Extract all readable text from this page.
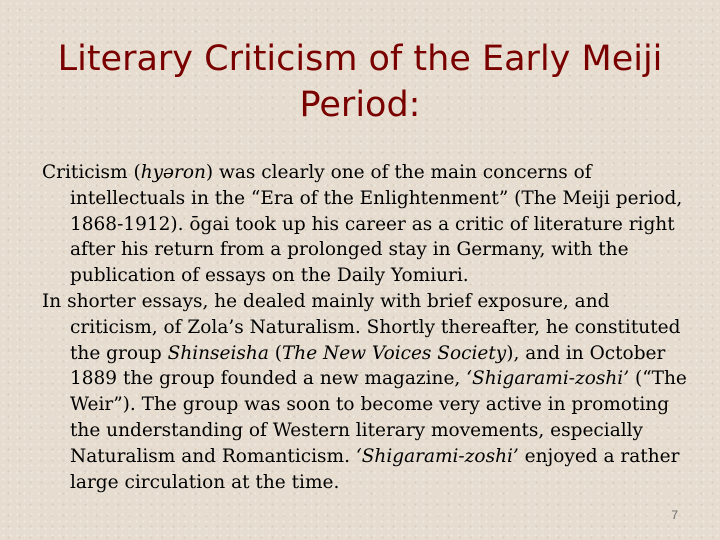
Literary Criticism of the Early Meiji
Period:

Criticism (hyəron) was clearly one of the main concerns of intellectuals in the “Era of the Enlightenment” (The Meiji period, 1868-1912). ōgai took up his career as a critic of literature right after his return from a prolonged stay in Germany, with the publication of essays on the Daily Yomiuri.

In shorter essays, he dealed mainly with brief exposure, and criticism, of Zola’s Naturalism. Shortly thereafter, he constituted the group Shinseisha (The New Voices Society), and in October 1889 the group founded a new magazine, ‘Shigarami-zoshi’ (“The Weir”). The group was soon to become very active in promoting the understanding of Western literary movements, especially Naturalism and Romanticism. ‘Shigarami-zoshi’ enjoyed a rather large circulation at the time.

7
